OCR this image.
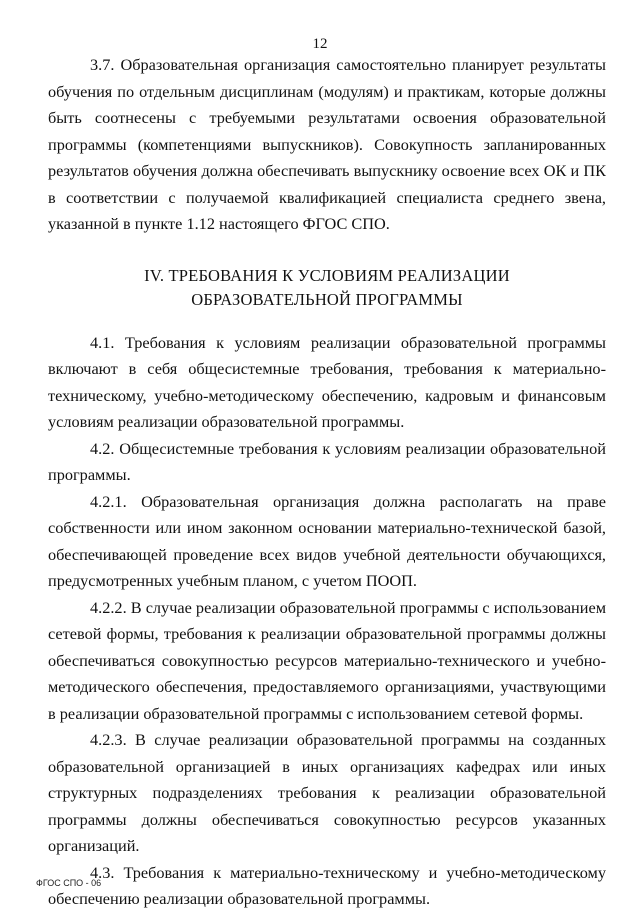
12

3.7. Образовательная организация самостоятельно планирует результаты обучения по отдельным дисциплинам (модулям) и практикам, которые должны быть соотнесены с требуемыми результатами освоения образовательной программы (компетенциями выпускников). Совокупность запланированных результатов обучения должна обеспечивать выпускнику освоение всех ОК и ПК в соответствии с получаемой квалификацией специалиста среднего звена, указанной в пункте 1.12 настоящего ФГОС СПО.

IV. ТРЕБОВАНИЯ К УСЛОВИЯМ РЕАЛИЗАЦИИ
ОБРАЗОВАТЕЛЬНОЙ ПРОГРАММЫ

4.1. Требования к условиям реализации образовательной программы включают в себя общесистемные требования, требования к материально-техническому, учебно-методическому обеспечению, кадровым и финансовым условиям реализации образовательной программы.

4.2. Общесистемные требования к условиям реализации образовательной программы.

4.2.1. Образовательная организация должна располагать на праве собственности или ином законном основании материально-технической базой, обеспечивающей проведение всех видов учебной деятельности обучающихся, предусмотренных учебным планом, с учетом ПООП.

4.2.2. В случае реализации образовательной программы с использованием сетевой формы, требования к реализации образовательной программы должны обеспечиваться совокупностью ресурсов материально-технического и учебно-методического обеспечения, предоставляемого организациями, участвующими в реализации образовательной программы с использованием сетевой формы.

4.2.3. В случае реализации образовательной программы на созданных образовательной организацией в иных организациях кафедрах или иных структурных подразделениях требования к реализации образовательной программы должны обеспечиваться совокупностью ресурсов указанных организаций.

4.3. Требования к материально-техническому и учебно-методическому обеспечению реализации образовательной программы.

ФГОС СПО - 06
